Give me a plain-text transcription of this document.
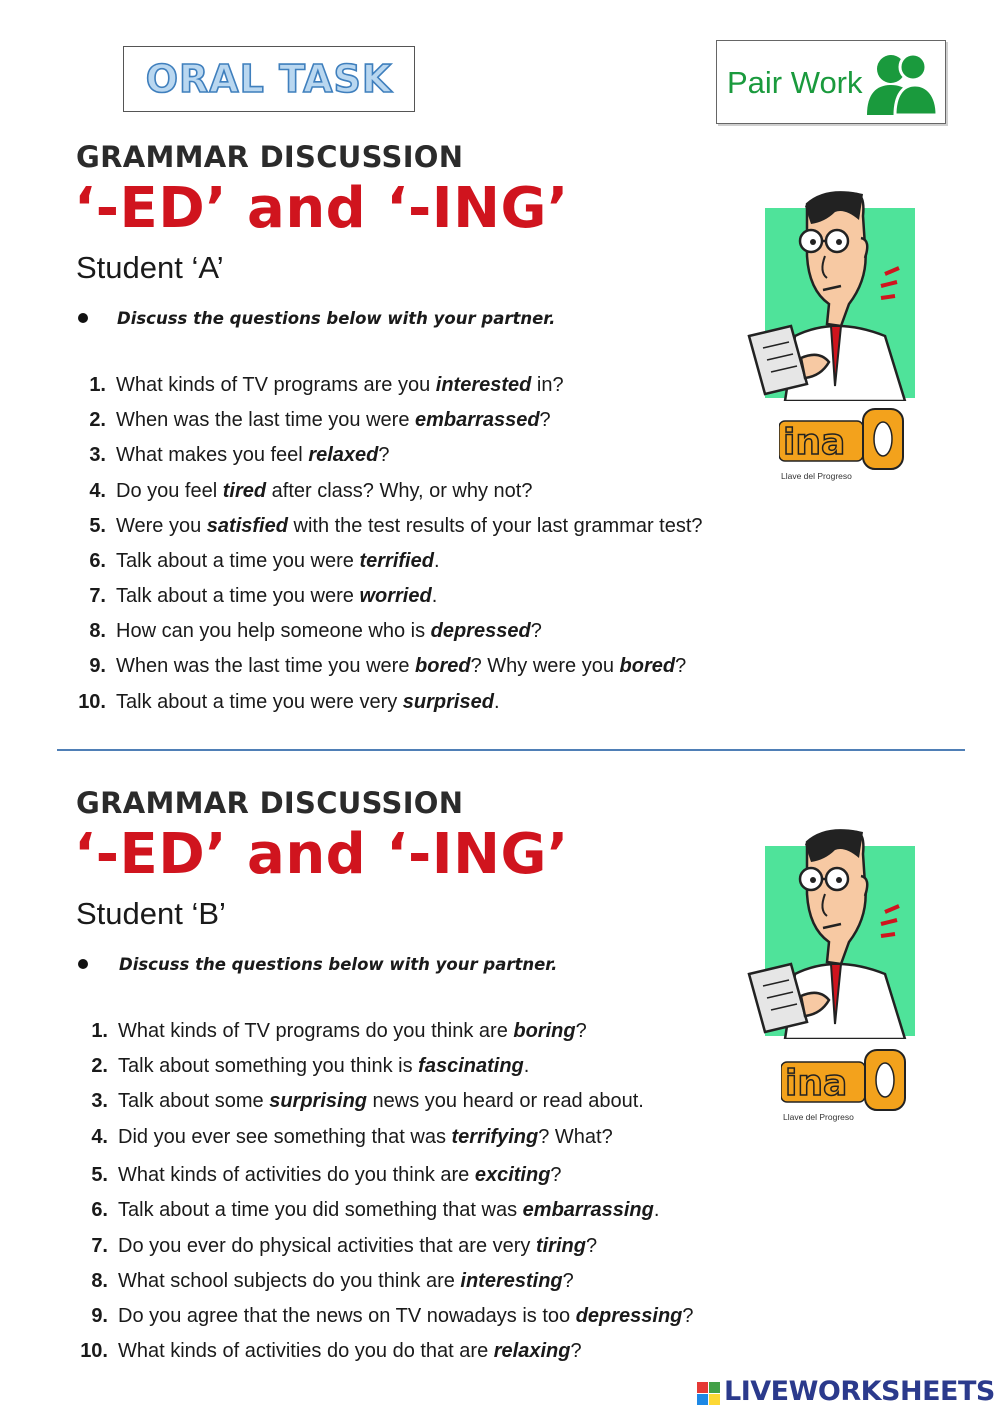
ORAL TASK	Pair Work
GRAMMAR DISCUSSION
‘-ED’ and ‘-ING’
Student ‘A’
Discuss the questions below with your partner.
1. What kinds of TV programs are you interested in?
2. When was the last time you were embarrassed?
3. What makes you feel relaxed?
4. Do you feel tired after class? Why, or why not?
5. Were you satisfied with the test results of your last grammar test?
6. Talk about a time you were terrified.
7. Talk about a time you were worried.
8. How can you help someone who is depressed?
9. When was the last time you were bored? Why were you bored?
10. Talk about a time you were very surprised.
ina
Llave del Progreso
GRAMMAR DISCUSSION
‘-ED’ and ‘-ING’
Student ‘B’
Discuss the questions below with your partner.
1. What kinds of TV programs do you think are boring?
2. Talk about something you think is fascinating.
3. Talk about some surprising news you heard or read about.
4. Did you ever see something that was terrifying? What?
5. What kinds of activities do you think are exciting?
6. Talk about a time you did something that was embarrassing.
7. Do you ever do physical activities that are very tiring?
8. What school subjects do you think are interesting?
9. Do you agree that the news on TV nowadays is too depressing?
10. What kinds of activities do you do that are relaxing?
ina
Llave del Progreso
LIVEWORKSHEETS
